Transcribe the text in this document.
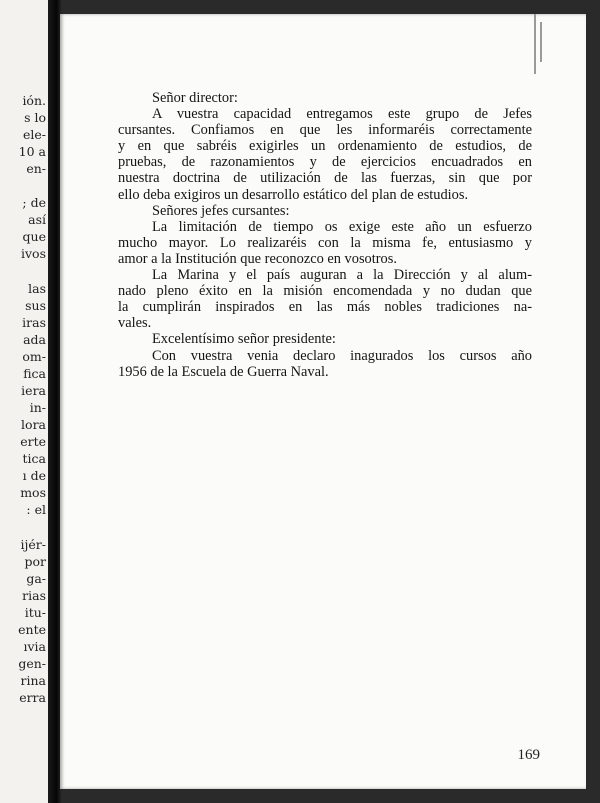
ión.
s lo
ele-
10 a
en-
; de
así
que
ivos
las
sus
iras
ada
om-
fica
iera
in-
lora
erte
tica
ı de
mos
: el
ijér-
por
ga-
rias
itu-
ente
ıvia
gen-
rina
erra
Señor director:
A vuestra capacidad entregamos este grupo de Jefes
cursantes. Confiamos en que les informaréis correctamente
y en que sabréis exigirles un ordenamiento de estudios, de
pruebas, de razonamientos y de ejercicios encuadrados en
nuestra doctrina de utilización de las fuerzas, sin que por
ello deba exigiros un desarrollo estático del plan de estudios.
Señores jefes cursantes:
La limitación de tiempo os exige este año un esfuerzo
mucho mayor. Lo realizaréis con la misma fe, entusiasmo y
amor a la Institución que reconozco en vosotros.
La Marina y el país auguran a la Dirección y al alum-
nado pleno éxito en la misión encomendada y no dudan que
la cumplirán inspirados en las más nobles tradiciones na-
vales.
Excelentísimo señor presidente:
Con vuestra venia declaro inagurados los cursos año
1956 de la Escuela de Guerra Naval.
169
